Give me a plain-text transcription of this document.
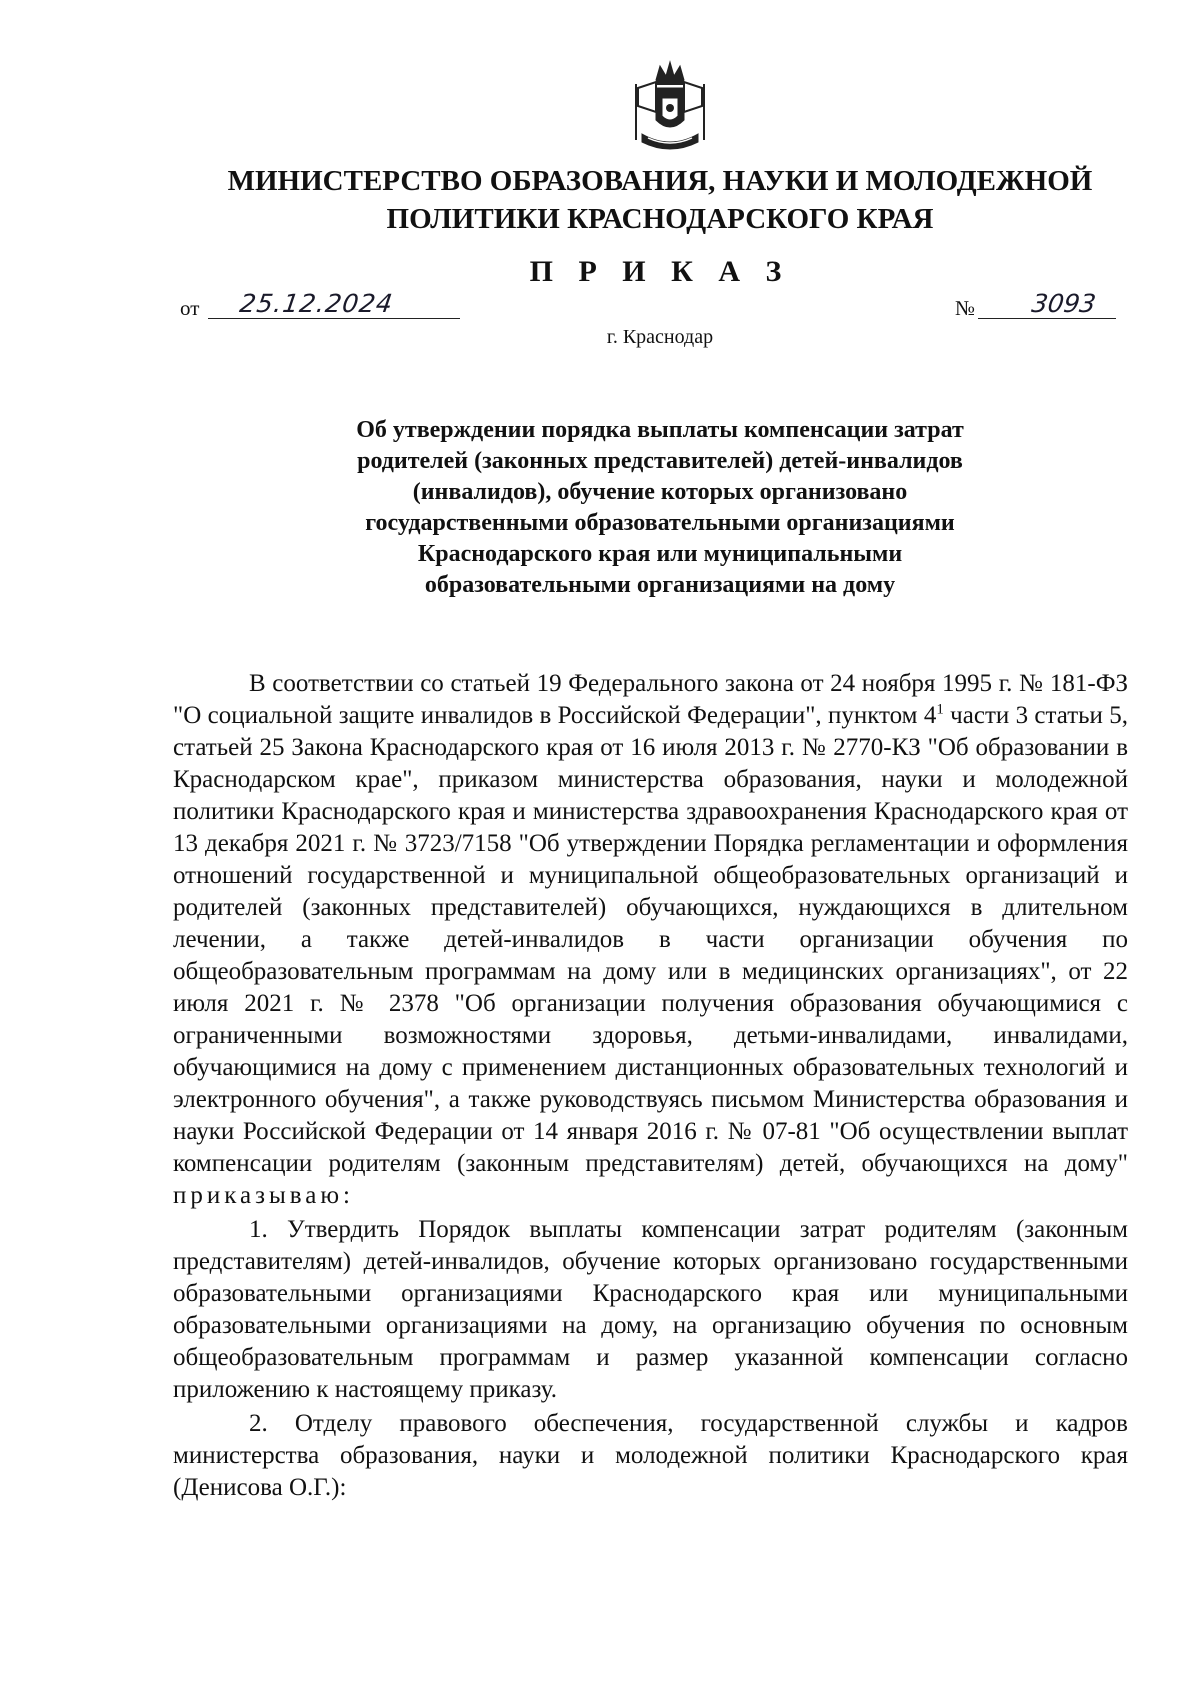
МИНИСТЕРСТВО ОБРАЗОВАНИЯ, НАУКИ И МОЛОДЕЖНОЙ
ПОЛИТИКИ КРАСНОДАРСКОГО КРАЯ
П Р И К А З
от 25.12.2024	№ 3093
г. Краснодар
Об утверждении порядка выплаты компенсации затрат
родителей (законных представителей) детей-инвалидов
(инвалидов), обучение которых организовано
государственными образовательными организациями
Краснодарского края или муниципальными
образовательными организациями на дому

В соответствии со статьей 19 Федерального закона от 24 ноября 1995 г. № 181-ФЗ "О социальной защите инвалидов в Российской Федерации", пунктом $4^1$ части 3 статьи 5, статьей 25 Закона Краснодарского края от 16 июля 2013 г. № 2770-КЗ "Об образовании в Краснодарском крае", приказом министерства образования, науки и молодежной политики Краснодарского края и министерства здравоохранения Краснодарского края от 13 декабря 2021 г. № 3723/7158 "Об утверждении Порядка регламентации и оформления отношений государственной и муниципальной общеобразовательных организаций и родителей (законных представителей) обучающихся, нуждающихся в длительном лечении, а также детей-инвалидов в части организации обучения по общеобразовательным программам на дому или в медицинских организациях", от 22 июля 2021 г. № 2378 "Об организации получения образования обучающимися с ограниченными возможностями здоровья, детьми-инвалидами, инвалидами, обучающимися на дому с применением дистанционных образовательных технологий и электронного обучения", а также руководствуясь письмом Министерства образования и науки Российской Федерации от 14 января 2016 г. № 07-81 "Об осуществлении выплат компенсации родителям (законным представителям) детей, обучающихся на дому" приказываю:

1. Утвердить Порядок выплаты компенсации затрат родителям (законным представителям) детей-инвалидов, обучение которых организовано государственными образовательными организациями Краснодарского края или муниципальными образовательными организациями на дому, на организацию обучения по основным общеобразовательным программам и размер указанной компенсации согласно приложению к настоящему приказу.

2. Отделу правового обеспечения, государственной службы и кадров министерства образования, науки и молодежной политики Краснодарского края (Денисова О.Г.):
